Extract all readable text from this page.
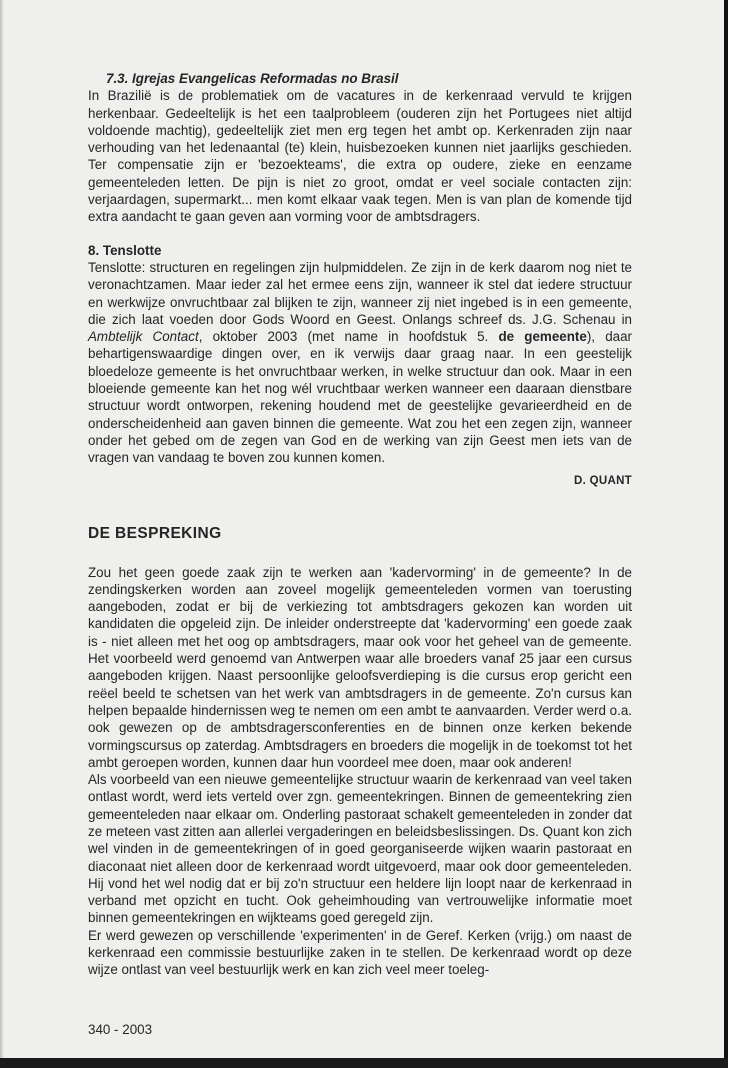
7.3. Igrejas Evangelicas Reformadas no Brasil

In Brazilië is de problematiek om de vacatures in de kerkenraad vervuld te krijgen herkenbaar. Gedeeltelijk is het een taalprobleem (ouderen zijn het Portugees niet altijd voldoende machtig), gedeeltelijk ziet men erg tegen het ambt op. Kerkenraden zijn naar verhouding van het ledenaantal (te) klein, huisbezoeken kunnen niet jaarlijks geschieden. Ter compensatie zijn er 'bezoekteams', die extra op oudere, zieke en eenzame gemeenteleden letten. De pijn is niet zo groot, omdat er veel sociale contacten zijn: verjaardagen, supermarkt... men komt elkaar vaak tegen. Men is van plan de komende tijd extra aandacht te gaan geven aan vorming voor de ambtsdragers.

8. Tenslotte

Tenslotte: structuren en regelingen zijn hulpmiddelen. Ze zijn in de kerk daarom nog niet te veronachtzamen. Maar ieder zal het ermee eens zijn, wanneer ik stel dat iedere structuur en werkwijze onvruchtbaar zal blijken te zijn, wanneer zij niet ingebed is in een gemeente, die zich laat voeden door Gods Woord en Geest. Onlangs schreef ds. J.G. Schenau in Ambtelijk Contact, oktober 2003 (met name in hoofdstuk 5. de gemeente), daar behartigenswaardige dingen over, en ik verwijs daar graag naar. In een geestelijk bloedeloze gemeente is het onvruchtbaar werken, in welke structuur dan ook. Maar in een bloeiende gemeente kan het nog wél vruchtbaar werken wanneer een daaraan dienstbare structuur wordt ontworpen, rekening houdend met de geestelijke gevarieerdheid en de onderscheidenheid aan gaven binnen die gemeente. Wat zou het een zegen zijn, wanneer onder het gebed om de zegen van God en de werking van zijn Geest men iets van de vragen van vandaag te boven zou kunnen komen.

D. QUANT
DE BESPREKING

Zou het geen goede zaak zijn te werken aan 'kadervorming' in de gemeente? In de zendingskerken worden aan zoveel mogelijk gemeenteleden vormen van toerusting aangeboden, zodat er bij de verkiezing tot ambtsdragers gekozen kan worden uit kandidaten die opgeleid zijn. De inleider onderstreepte dat 'kadervorming' een goede zaak is - niet alleen met het oog op ambtsdragers, maar ook voor het geheel van de gemeente. Het voorbeeld werd genoemd van Antwerpen waar alle broeders vanaf 25 jaar een cursus aangeboden krijgen. Naast persoonlijke geloofsverdieping is die cursus erop gericht een reëel beeld te schetsen van het werk van ambtsdragers in de gemeente. Zo'n cursus kan helpen bepaalde hindernissen weg te nemen om een ambt te aanvaarden. Verder werd o.a. ook gewezen op de ambtsdragersconferenties en de binnen onze kerken bekende vormingscursus op zaterdag. Ambtsdragers en broeders die mogelijk in de toekomst tot het ambt geroepen worden, kunnen daar hun voordeel mee doen, maar ook anderen!

Als voorbeeld van een nieuwe gemeentelijke structuur waarin de kerkenraad van veel taken ontlast wordt, werd iets verteld over zgn. gemeentekringen. Binnen de gemeentekring zien gemeenteleden naar elkaar om. Onderling pastoraat schakelt gemeenteleden in zonder dat ze meteen vast zitten aan allerlei vergaderingen en beleidsbeslissingen. Ds. Quant kon zich wel vinden in de gemeentekringen of in goed georganiseerde wijken waarin pastoraat en diaconaat niet alleen door de kerkenraad wordt uitgevoerd, maar ook door gemeenteleden. Hij vond het wel nodig dat er bij zo'n structuur een heldere lijn loopt naar de kerkenraad in verband met opzicht en tucht. Ook geheimhouding van vertrouwelijke informatie moet binnen gemeentekringen en wijkteams goed geregeld zijn.

Er werd gewezen op verschillende 'experimenten' in de Geref. Kerken (vrijg.) om naast de kerkenraad een commissie bestuurlijke zaken in te stellen. De kerkenraad wordt op deze wijze ontlast van veel bestuurlijk werk en kan zich veel meer toeleg-

340 - 2003
